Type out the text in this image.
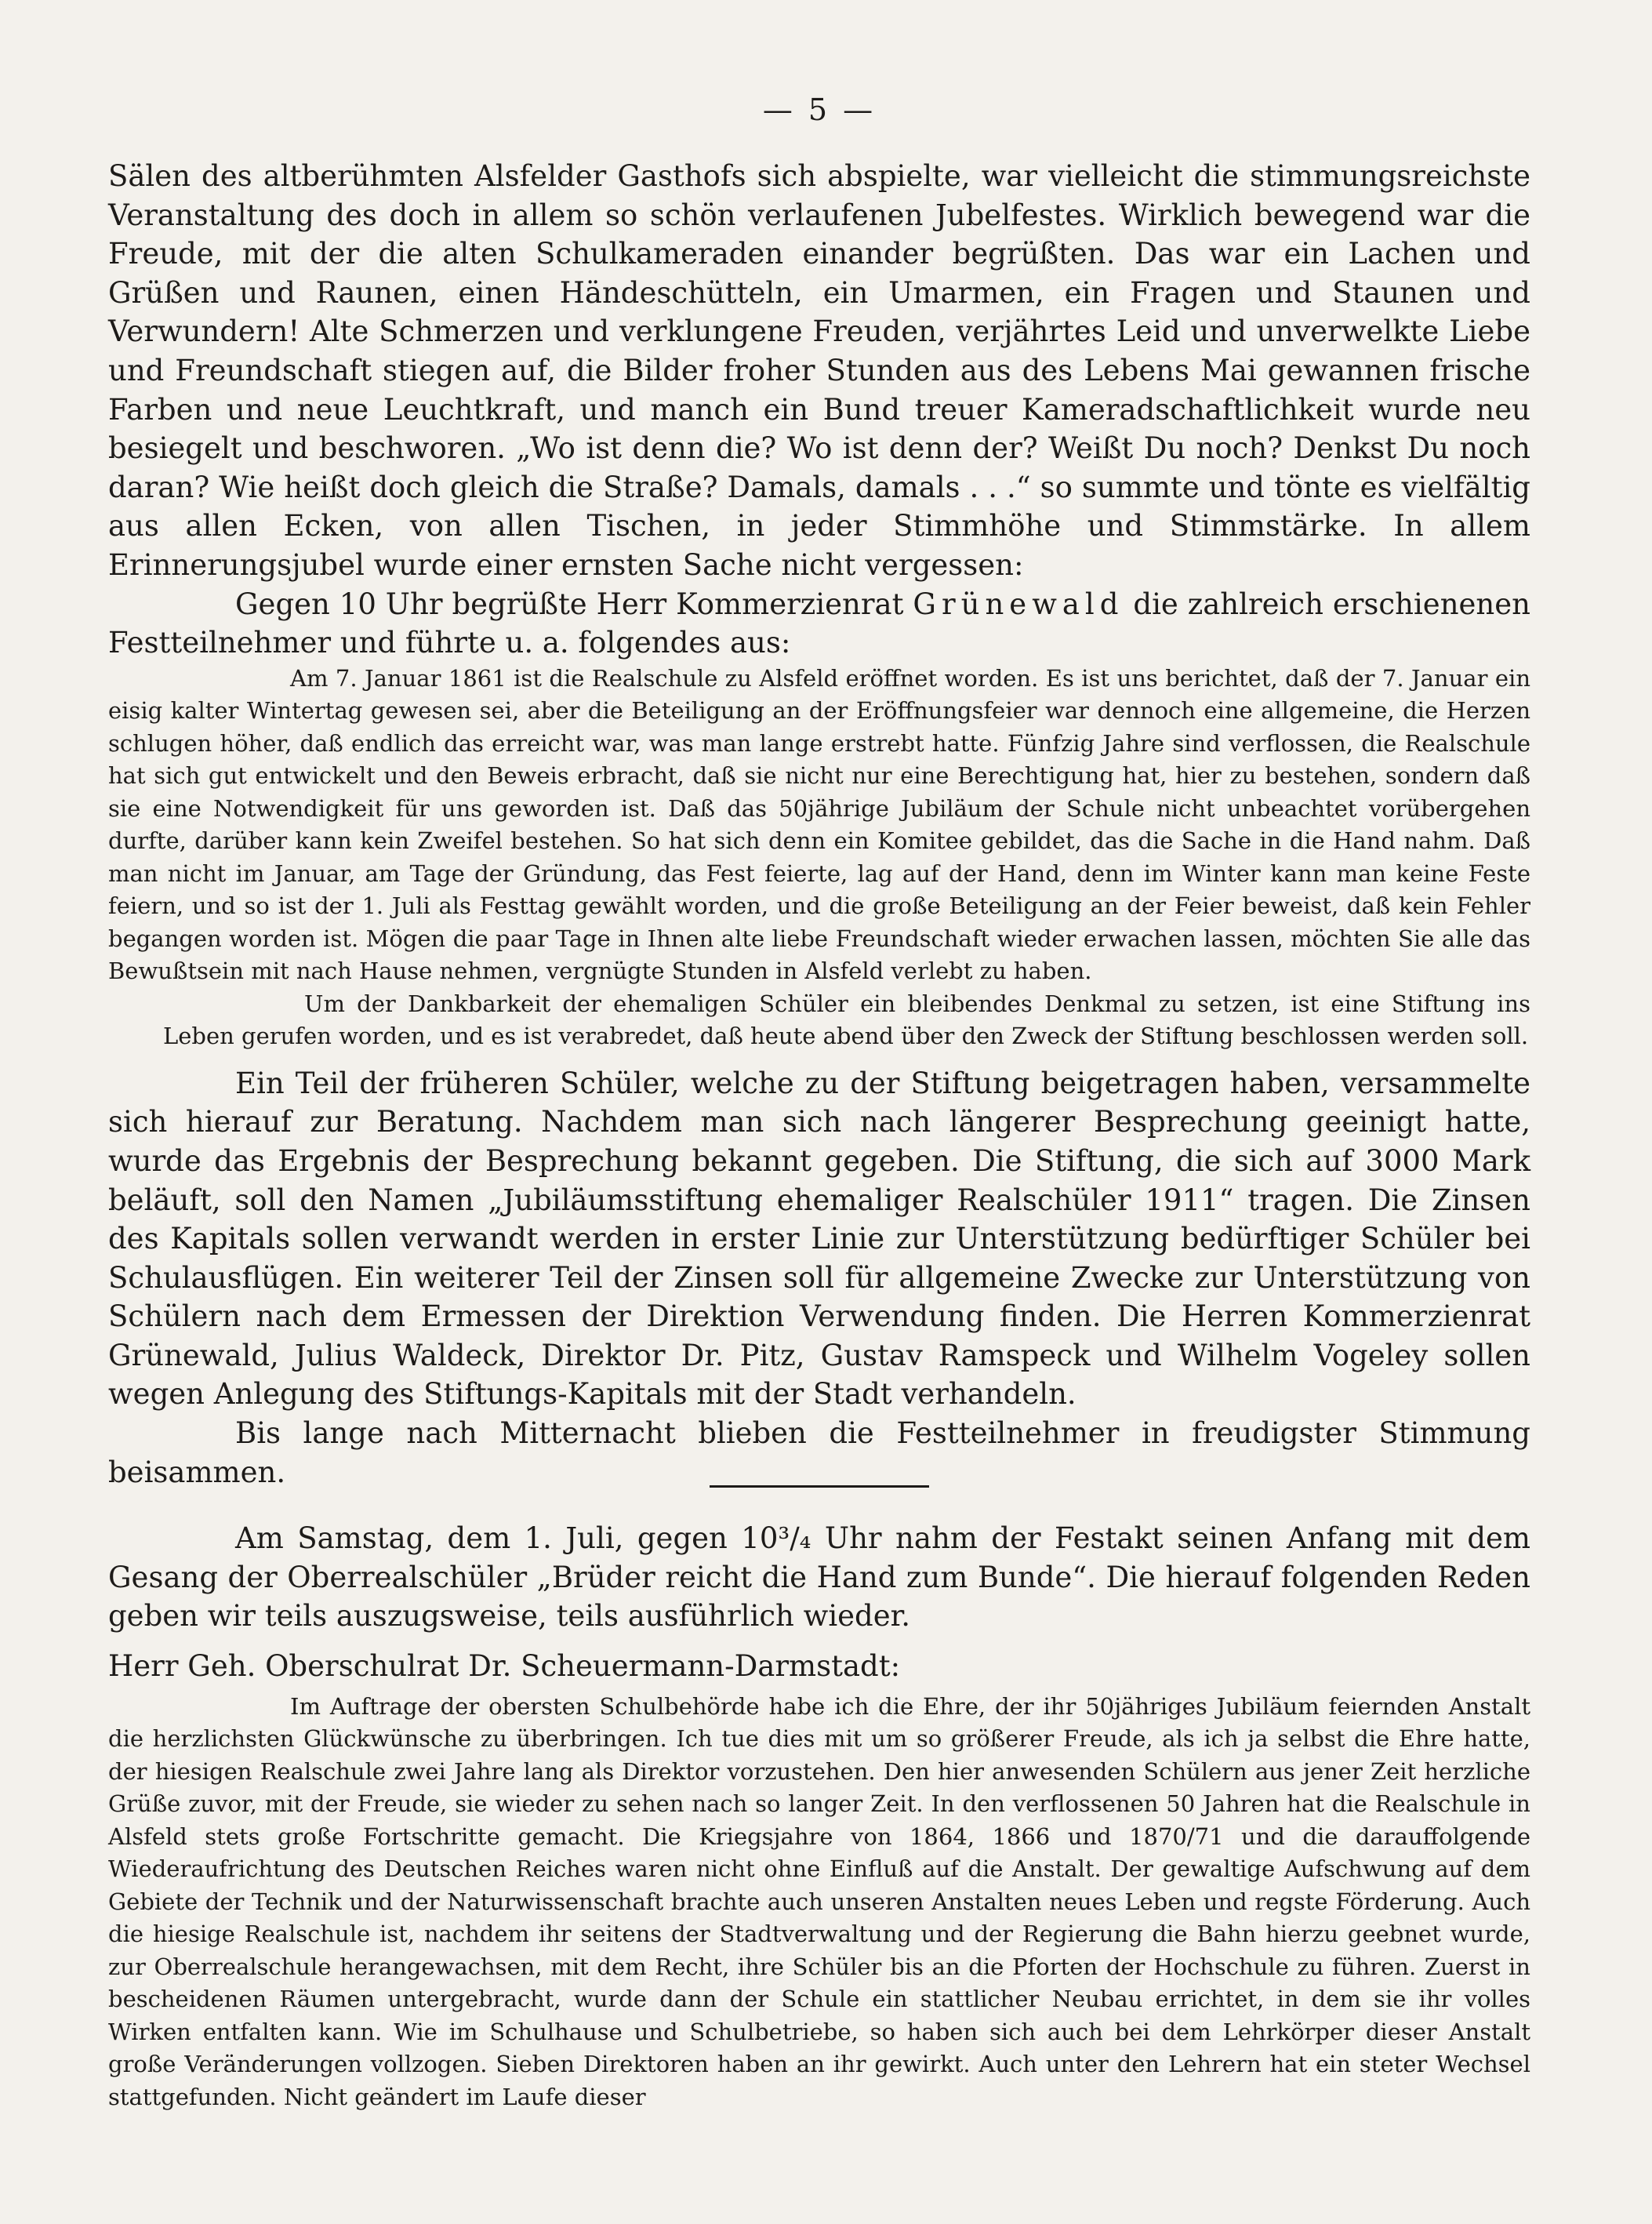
— 5 —

Sälen des altberühmten Alsfelder Gasthofs sich abspielte, war vielleicht die stimmungsreichste Veranstaltung des doch in allem so schön verlaufenen Jubelfestes. Wirklich bewegend war die Freude, mit der die alten Schulkameraden einander begrüßten. Das war ein Lachen und Grüßen und Raunen, einen Händeschütteln, ein Umarmen, ein Fragen und Staunen und Verwundern! Alte Schmerzen und verklungene Freuden, verjährtes Leid und unverwelkte Liebe und Freundschaft stiegen auf, die Bilder froher Stunden aus des Lebens Mai gewannen frische Farben und neue Leuchtkraft, und manch ein Bund treuer Kameradschaftlichkeit wurde neu besiegelt und beschworen. „Wo ist denn die? Wo ist denn der? Weißt Du noch? Denkst Du noch daran? Wie heißt doch gleich die Straße? Damals, damals . . .“ so summte und tönte es vielfältig aus allen Ecken, von allen Tischen, in jeder Stimmhöhe und Stimmstärke. In allem Erinnerungsjubel wurde einer ernsten Sache nicht vergessen:

Gegen 10 Uhr begrüßte Herr Kommerzienrat Grünewald die zahlreich erschienenen Festteilnehmer und führte u. a. folgendes aus:

Am 7. Januar 1861 ist die Realschule zu Alsfeld eröffnet worden. Es ist uns berichtet, daß der 7. Januar ein eisig kalter Wintertag gewesen sei, aber die Beteiligung an der Eröffnungsfeier war dennoch eine allgemeine, die Herzen schlugen höher, daß endlich das erreicht war, was man lange erstrebt hatte. Fünfzig Jahre sind verflossen, die Realschule hat sich gut entwickelt und den Beweis erbracht, daß sie nicht nur eine Berechtigung hat, hier zu bestehen, sondern daß sie eine Notwendigkeit für uns geworden ist. Daß das 50jährige Jubiläum der Schule nicht unbeachtet vorübergehen durfte, darüber kann kein Zweifel bestehen. So hat sich denn ein Komitee gebildet, das die Sache in die Hand nahm. Daß man nicht im Januar, am Tage der Gründung, das Fest feierte, lag auf der Hand, denn im Winter kann man keine Feste feiern, und so ist der 1. Juli als Festtag gewählt worden, und die große Beteiligung an der Feier beweist, daß kein Fehler begangen worden ist. Mögen die paar Tage in Ihnen alte liebe Freundschaft wieder erwachen lassen, möchten Sie alle das Bewußtsein mit nach Hause nehmen, vergnügte Stunden in Alsfeld verlebt zu haben.

Um der Dankbarkeit der ehemaligen Schüler ein bleibendes Denkmal zu setzen, ist eine Stiftung ins Leben gerufen worden, und es ist verabredet, daß heute abend über den Zweck der Stiftung beschlossen werden soll.

Ein Teil der früheren Schüler, welche zu der Stiftung beigetragen haben, versammelte sich hierauf zur Beratung. Nachdem man sich nach längerer Besprechung geeinigt hatte, wurde das Ergebnis der Besprechung bekannt gegeben. Die Stiftung, die sich auf 3000 Mark beläuft, soll den Namen „Jubiläumsstiftung ehemaliger Realschüler 1911“ tragen. Die Zinsen des Kapitals sollen verwandt werden in erster Linie zur Unterstützung bedürftiger Schüler bei Schulausflügen. Ein weiterer Teil der Zinsen soll für allgemeine Zwecke zur Unterstützung von Schülern nach dem Ermessen der Direktion Verwendung finden. Die Herren Kommerzienrat Grünewald, Julius Waldeck, Direktor Dr. Pitz, Gustav Ramspeck und Wilhelm Vogeley sollen wegen Anlegung des Stiftungs-Kapitals mit der Stadt verhandeln.

Bis lange nach Mitternacht blieben die Festteilnehmer in freudigster Stimmung beisammen.

Am Samstag, dem 1. Juli, gegen 10³/₄ Uhr nahm der Festakt seinen Anfang mit dem Gesang der Oberrealschüler „Brüder reicht die Hand zum Bunde“. Die hierauf folgenden Reden geben wir teils auszugsweise, teils ausführlich wieder.

Herr Geh. Oberschulrat Dr. Scheuermann-Darmstadt:

Im Auftrage der obersten Schulbehörde habe ich die Ehre, der ihr 50jähriges Jubiläum feiernden Anstalt die herzlichsten Glückwünsche zu überbringen. Ich tue dies mit um so größerer Freude, als ich ja selbst die Ehre hatte, der hiesigen Realschule zwei Jahre lang als Direktor vorzustehen. Den hier anwesenden Schülern aus jener Zeit herzliche Grüße zuvor, mit der Freude, sie wieder zu sehen nach so langer Zeit. In den verflossenen 50 Jahren hat die Realschule in Alsfeld stets große Fortschritte gemacht. Die Kriegsjahre von 1864, 1866 und 1870/71 und die darauffolgende Wiederaufrichtung des Deutschen Reiches waren nicht ohne Einfluß auf die Anstalt. Der gewaltige Aufschwung auf dem Gebiete der Technik und der Naturwissenschaft brachte auch unseren Anstalten neues Leben und regste Förderung. Auch die hiesige Realschule ist, nachdem ihr seitens der Stadtverwaltung und der Regierung die Bahn hierzu geebnet wurde, zur Oberrealschule herangewachsen, mit dem Recht, ihre Schüler bis an die Pforten der Hochschule zu führen. Zuerst in bescheidenen Räumen untergebracht, wurde dann der Schule ein stattlicher Neubau errichtet, in dem sie ihr volles Wirken entfalten kann. Wie im Schulhause und Schulbetriebe, so haben sich auch bei dem Lehrkörper dieser Anstalt große Veränderungen vollzogen. Sieben Direktoren haben an ihr gewirkt. Auch unter den Lehrern hat ein steter Wechsel stattgefunden. Nicht geändert im Laufe dieser
